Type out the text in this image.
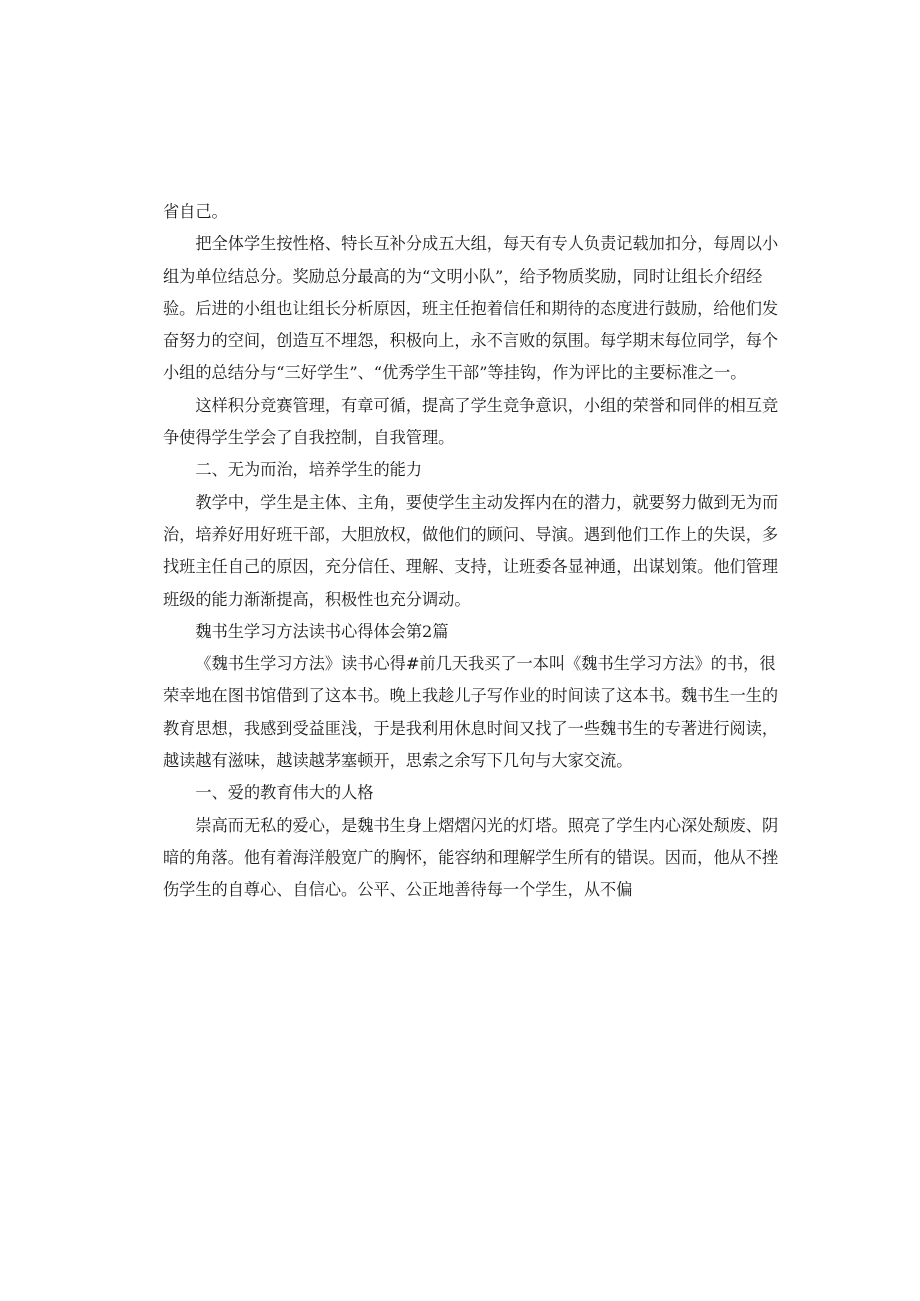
省自己。

把全体学生按性格、特长互补分成五大组，每天有专人负责记载加扣分，每周以小
组为单位结总分。奖励总分最高的为“文明小队”，给予物质奖励，同时让组长介绍经
验。后进的小组也让组长分析原因，班主任抱着信任和期待的态度进行鼓励，给他们发
奋努力的空间，创造互不埋怨，积极向上，永不言败的氛围。每学期末每位同学，每个
小组的总结分与“三好学生”、“优秀学生干部”等挂钩，作为评比的主要标准之一。

这样积分竞赛管理，有章可循，提高了学生竞争意识，小组的荣誉和同伴的相互竞
争使得学生学会了自我控制，自我管理。

二、无为而治，培养学生的能力

教学中，学生是主体、主角，要使学生主动发挥内在的潜力，就要努力做到无为而
治，培养好用好班干部，大胆放权，做他们的顾问、导演。遇到他们工作上的失误，多
找班主任自己的原因，充分信任、理解、支持，让班委各显神通，出谋划策。他们管理
班级的能力渐渐提高，积极性也充分调动。

魏书生学习方法读书心得体会第2篇

《魏书生学习方法》读书心得#前几天我买了一本叫《魏书生学习方法》的书，很
荣幸地在图书馆借到了这本书。晚上我趁儿子写作业的时间读了这本书。魏书生一生的
教育思想，我感到受益匪浅，于是我利用休息时间又找了一些魏书生的专著进行阅读，
越读越有滋味，越读越茅塞顿开，思索之余写下几句与大家交流。

一、爱的教育伟大的人格

崇高而无私的爱心，是魏书生身上熠熠闪光的灯塔。照亮了学生内心深处颓废、阴
暗的角落。他有着海洋般宽广的胸怀，能容纳和理解学生所有的错误。因而，他从不挫
伤学生的自尊心、自信心。公平、公正地善待每一个学生，从不偏
